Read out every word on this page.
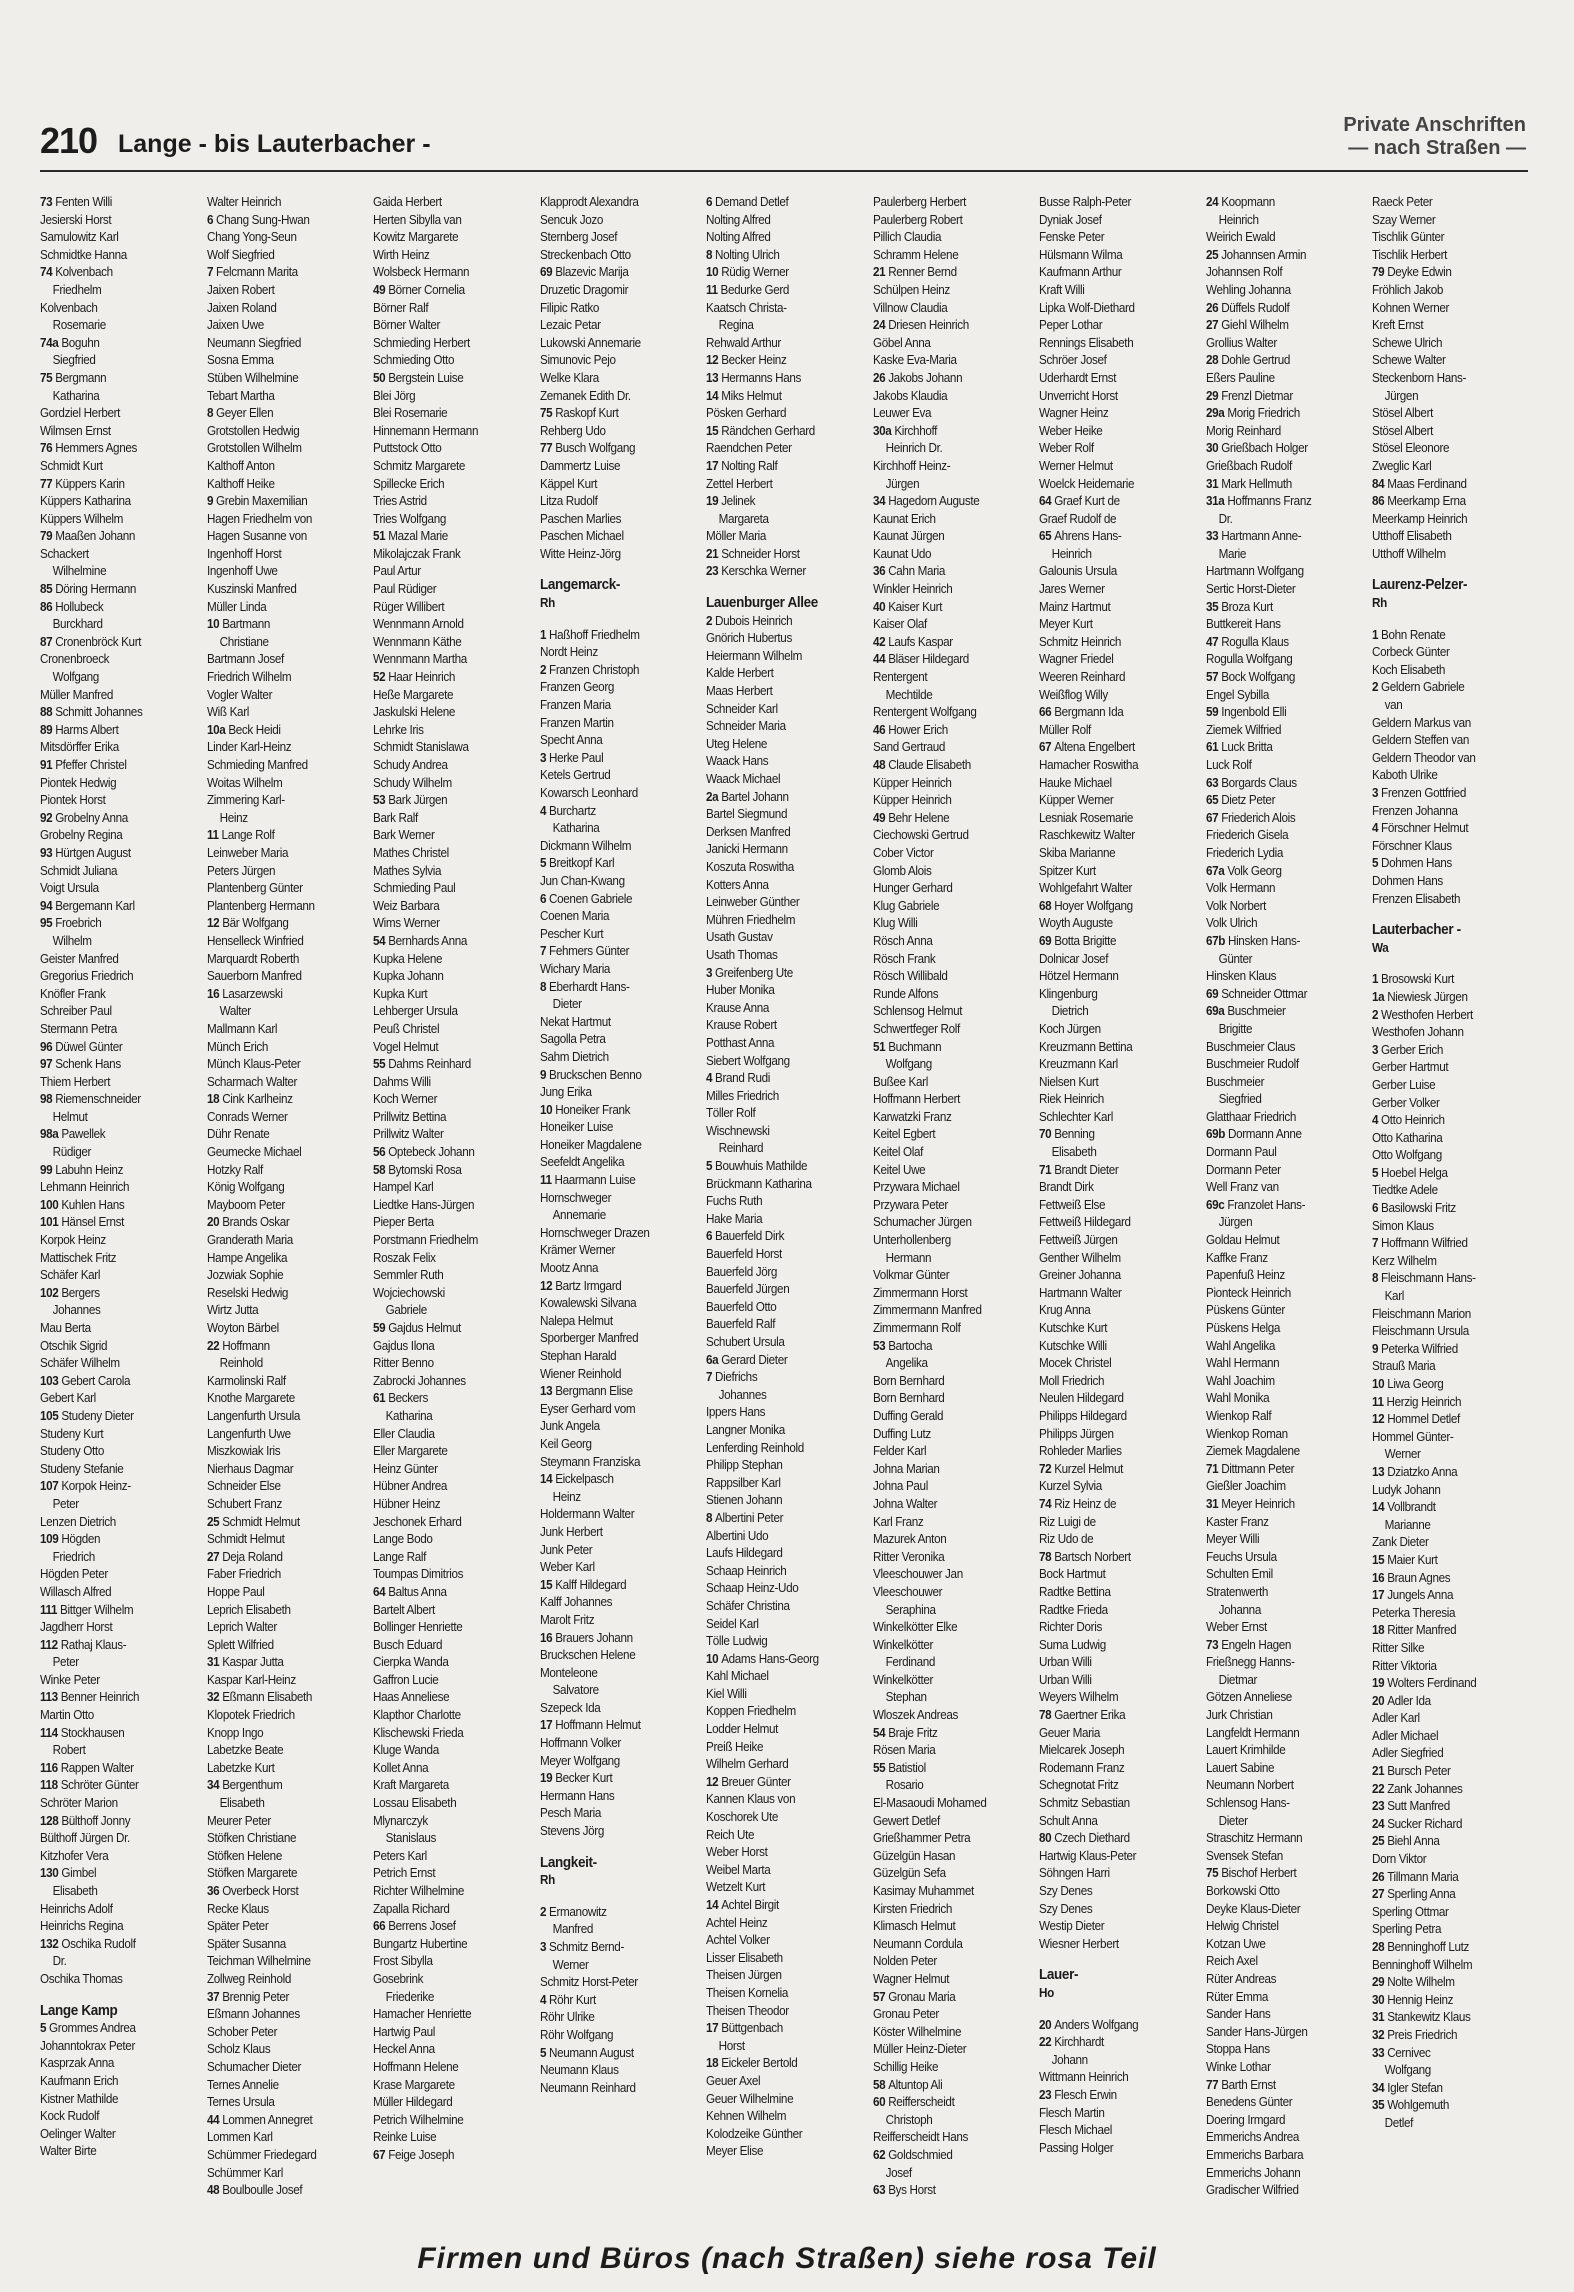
210 Lange - bis Lauterbacher -
Private Anschriften
— nach Straßen —
73 Fenten Willi
Jesierski Horst
Samulowitz Karl
Schmidtke Hanna
74 Kolvenbach
Friedhelm
Kolvenbach
Rosemarie
74a Boguhn
Siegfried
75 Bergmann
Katharina
Gordziel Herbert
Wilmsen Ernst
76 Hemmers Agnes
Schmidt Kurt
77 Küppers Karin
Küppers Katharina
Küppers Wilhelm
79 Maaßen Johann
Schackert
Wilhelmine
85 Döring Hermann
86 Hollubeck
Burckhard
87 Cronenbröck Kurt
Cronenbroeck
Wolfgang
Müller Manfred
88 Schmitt Johannes
89 Harms Albert
Mitsdörffer Erika
91 Pfeffer Christel
Piontek Hedwig
Piontek Horst
92 Grobelny Anna
Grobelny Regina
93 Hürtgen August
Schmidt Juliana
Voigt Ursula
94 Bergemann Karl
95 Froebrich
Wilhelm
Geister Manfred
Gregorius Friedrich
Knöfler Frank
Schreiber Paul
Stermann Petra
96 Düwel Günter
97 Schenk Hans
Thiem Herbert
98 Riemenschneider
Helmut
98a Pawellek
Rüdiger
99 Labuhn Heinz
Lehmann Heinrich
100 Kuhlen Hans
101 Hänsel Ernst
Korpok Heinz
Mattischek Fritz
Schäfer Karl
102 Bergers
Johannes
Mau Berta
Otschik Sigrid
Schäfer Wilhelm
103 Gebert Carola
Gebert Karl
105 Studeny Dieter
Studeny Kurt
Studeny Otto
Studeny Stefanie
107 Korpok Heinz-
Peter
Lenzen Dietrich
109 Högden
Friedrich
Högden Peter
Willasch Alfred
111 Bittger Wilhelm
Jagdherr Horst
112 Rathaj Klaus-
Peter
Winke Peter
113 Benner Heinrich
Martin Otto
114 Stockhausen
Robert
116 Rappen Walter
118 Schröter Günter
Schröter Marion
128 Bülthoff Jonny
Bülthoff Jürgen Dr.
Kitzhofer Vera
130 Gimbel
Elisabeth
Heinrichs Adolf
Heinrichs Regina
132 Oschika Rudolf
Dr.
Oschika Thomas
Lange Kamp
5 Grommes Andrea
Johanntokrax Peter
Kasprzak Anna
Kaufmann Erich
Kistner Mathilde
Kock Rudolf
Oelinger Walter
Walter Birte
Walter Heinrich
6 Chang Sung-Hwan
Chang Yong-Seun
Wolf Siegfried
7 Felcmann Marita
Jaixen Robert
Jaixen Roland
Jaixen Uwe
Neumann Siegfried
Sosna Emma
Stüben Wilhelmine
Tebart Martha
8 Geyer Ellen
Grotstollen Hedwig
Grotstollen Wilhelm
Kalthoff Anton
Kalthoff Heike
9 Grebin Maxemilian
Hagen Friedhelm von
Hagen Susanne von
Ingenhoff Horst
Ingenhoff Uwe
Kuszinski Manfred
Müller Linda
10 Bartmann
Christiane
Bartmann Josef
Friedrich Wilhelm
Vogler Walter
Wiß Karl
10a Beck Heidi
Linder Karl-Heinz
Schmieding Manfred
Woitas Wilhelm
Zimmering Karl-
Heinz
11 Lange Rolf
Leinweber Maria
Peters Jürgen
Plantenberg Günter
Plantenberg Hermann
12 Bär Wolfgang
Henselleck Winfried
Marquardt Roberth
Sauerborn Manfred
16 Lasarzewski
Walter
Mallmann Karl
Münch Erich
Münch Klaus-Peter
Scharmach Walter
18 Cink Karlheinz
Conrads Werner
Dühr Renate
Geumecke Michael
Hotzky Ralf
König Wolfgang
Mayboom Peter
20 Brands Oskar
Granderath Maria
Hampe Angelika
Jozwiak Sophie
Reselski Hedwig
Wirtz Jutta
Woyton Bärbel
22 Hoffmann
Reinhold
Karmolinski Ralf
Knothe Margarete
Langenfurth Ursula
Langenfurth Uwe
Miszkowiak Iris
Nierhaus Dagmar
Schneider Else
Schubert Franz
25 Schmidt Helmut
Schmidt Helmut
27 Deja Roland
Faber Friedrich
Hoppe Paul
Leprich Elisabeth
Leprich Walter
Splett Wilfried
31 Kaspar Jutta
Kaspar Karl-Heinz
32 Eßmann Elisabeth
Klopotek Friedrich
Knopp Ingo
Labetzke Beate
Labetzke Kurt
34 Bergenthum
Elisabeth
Meurer Peter
Stöfken Christiane
Stöfken Helene
Stöfken Margarete
36 Overbeck Horst
Recke Klaus
Später Peter
Später Susanna
Teichman Wilhelmine
Zollweg Reinhold
37 Brennig Peter
Eßmann Johannes
Schober Peter
Scholz Klaus
Schumacher Dieter
Ternes Annelie
Ternes Ursula
44 Lommen Annegret
Lommen Karl
Schümmer Friedegard
Schümmer Karl
48 Boulboulle Josef
Gaida Herbert
Herten Sibylla van
Kowitz Margarete
Wirth Heinz
Wolsbeck Hermann
49 Börner Cornelia
Börner Ralf
Börner Walter
Schmieding Herbert
Schmieding Otto
50 Bergstein Luise
Blei Jörg
Blei Rosemarie
Hinnemann Hermann
Puttstock Otto
Schmitz Margarete
Spillecke Erich
Tries Astrid
Tries Wolfgang
51 Mazal Marie
Mikolajczak Frank
Paul Artur
Paul Rüdiger
Rüger Willibert
Wennmann Arnold
Wennmann Käthe
Wennmann Martha
52 Haar Heinrich
Heße Margarete
Jaskulski Helene
Lehrke Iris
Schmidt Stanislawa
Schudy Andrea
Schudy Wilhelm
53 Bark Jürgen
Bark Ralf
Bark Werner
Mathes Christel
Mathes Sylvia
Schmieding Paul
Weiz Barbara
Wims Werner
54 Bernhards Anna
Kupka Helene
Kupka Johann
Kupka Kurt
Lehberger Ursula
Peuß Christel
Vogel Helmut
55 Dahms Reinhard
Dahms Willi
Koch Werner
Prillwitz Bettina
Prillwitz Walter
56 Optebeck Johann
58 Bytomski Rosa
Hampel Karl
Liedtke Hans-Jürgen
Pieper Berta
Porstmann Friedhelm
Roszak Felix
Semmler Ruth
Wojciechowski
Gabriele
59 Gajdus Helmut
Gajdus Ilona
Ritter Benno
Zabrocki Johannes
61 Beckers
Katharina
Eller Claudia
Eller Margarete
Heinz Günter
Hübner Andrea
Hübner Heinz
Jeschonek Erhard
Lange Bodo
Lange Ralf
Toumpas Dimitrios
64 Baltus Anna
Bartelt Albert
Bollinger Henriette
Busch Eduard
Cierpka Wanda
Gaffron Lucie
Haas Anneliese
Klapthor Charlotte
Klischewski Frieda
Kluge Wanda
Kollet Anna
Kraft Margareta
Lossau Elisabeth
Mlynarczyk
Stanislaus
Peters Karl
Petrich Ernst
Richter Wilhelmine
Zapalla Richard
66 Berrens Josef
Bungartz Hubertine
Frost Sibylla
Gosebrink
Friederike
Hamacher Henriette
Hartwig Paul
Heckel Anna
Hoffmann Helene
Krase Margarete
Müller Hildegard
Petrich Wilhelmine
Reinke Luise
67 Feige Joseph
Klapprodt Alexandra
Sencuk Jozo
Sternberg Josef
Streckenbach Otto
69 Blazevic Marija
Druzetic Dragomir
Filipic Ratko
Lezaic Petar
Lukowski Annemarie
Simunovic Pejo
Welke Klara
Zemanek Edith Dr.
75 Raskopf Kurt
Rehberg Udo
77 Busch Wolfgang
Dammertz Luise
Käppel Kurt
Litza Rudolf
Paschen Marlies
Paschen Michael
Witte Heinz-Jörg
Langemarck-
Rh
1 Haßhoff Friedhelm
Nordt Heinz
2 Franzen Christoph
Franzen Georg
Franzen Maria
Franzen Martin
Specht Anna
3 Herke Paul
Ketels Gertrud
Kowarsch Leonhard
4 Burchartz
Katharina
Dickmann Wilhelm
5 Breitkopf Karl
Jun Chan-Kwang
6 Coenen Gabriele
Coenen Maria
Pescher Kurt
7 Fehmers Günter
Wichary Maria
8 Eberhardt Hans-
Dieter
Nekat Hartmut
Sagolla Petra
Sahm Dietrich
9 Bruckschen Benno
Jung Erika
10 Honeiker Frank
Honeiker Luise
Honeiker Magdalene
Seefeldt Angelika
11 Haarmann Luise
Hornschweger
Annemarie
Hornschweger Drazen
Krämer Werner
Mootz Anna
12 Bartz Irmgard
Kowalewski Silvana
Nalepa Helmut
Sporberger Manfred
Stephan Harald
Wiener Reinhold
13 Bergmann Elise
Eyser Gerhard vom
Junk Angela
Keil Georg
Steymann Franziska
14 Eickelpasch
Heinz
Holdermann Walter
Junk Herbert
Junk Peter
Weber Karl
15 Kalff Hildegard
Kalff Johannes
Marolt Fritz
16 Brauers Johann
Bruckschen Helene
Monteleone
Salvatore
Szepeck Ida
17 Hoffmann Helmut
Hoffmann Volker
Meyer Wolfgang
19 Becker Kurt
Hermann Hans
Pesch Maria
Stevens Jörg
Langkeit-
Rh
2 Ermanowitz
Manfred
3 Schmitz Bernd-
Werner
Schmitz Horst-Peter
4 Röhr Kurt
Röhr Ulrike
Röhr Wolfgang
5 Neumann August
Neumann Klaus
Neumann Reinhard
6 Demand Detlef
Nolting Alfred
Nolting Alfred
8 Nolting Ulrich
10 Rüdig Werner
11 Bedurke Gerd
Kaatsch Christa-
Regina
Rehwald Arthur
12 Becker Heinz
13 Hermanns Hans
14 Miks Helmut
Pösken Gerhard
15 Rändchen Gerhard
Raendchen Peter
17 Nolting Ralf
Zettel Herbert
19 Jelinek
Margareta
Möller Maria
21 Schneider Horst
23 Kerschka Werner
Lauenburger Allee
2 Dubois Heinrich
Gnörich Hubertus
Heiermann Wilhelm
Kalde Herbert
Maas Herbert
Schneider Karl
Schneider Maria
Uteg Helene
Waack Hans
Waack Michael
2a Bartel Johann
Bartel Siegmund
Derksen Manfred
Janicki Hermann
Koszuta Roswitha
Kotters Anna
Leinweber Günther
Mühren Friedhelm
Usath Gustav
Usath Thomas
3 Greifenberg Ute
Huber Monika
Krause Anna
Krause Robert
Potthast Anna
Siebert Wolfgang
4 Brand Rudi
Milles Friedrich
Töller Rolf
Wischnewski
Reinhard
5 Bouwhuis Mathilde
Brückmann Katharina
Fuchs Ruth
Hake Maria
6 Bauerfeld Dirk
Bauerfeld Horst
Bauerfeld Jörg
Bauerfeld Jürgen
Bauerfeld Otto
Bauerfeld Ralf
Schubert Ursula
6a Gerard Dieter
7 Diefrichs
Johannes
Ippers Hans
Langner Monika
Lenferding Reinhold
Philipp Stephan
Rappsilber Karl
Stienen Johann
8 Albertini Peter
Albertini Udo
Laufs Hildegard
Schaap Heinrich
Schaap Heinz-Udo
Schäfer Christina
Seidel Karl
Tölle Ludwig
10 Adams Hans-Georg
Kahl Michael
Kiel Willi
Koppen Friedhelm
Lodder Helmut
Preiß Heike
Wilhelm Gerhard
12 Breuer Günter
Kannen Klaus von
Koschorek Ute
Reich Ute
Weber Horst
Weibel Marta
Wetzelt Kurt
14 Achtel Birgit
Achtel Heinz
Achtel Volker
Lisser Elisabeth
Theisen Jürgen
Theisen Kornelia
Theisen Theodor
17 Büttgenbach
Horst
18 Eickeler Bertold
Geuer Axel
Geuer Wilhelmine
Kehnen Wilhelm
Kolodzeike Günther
Meyer Elise
Paulerberg Herbert
Paulerberg Robert
Pillich Claudia
Schramm Helene
21 Renner Bernd
Schülpen Heinz
Villnow Claudia
24 Driesen Heinrich
Göbel Anna
Kaske Eva-Maria
26 Jakobs Johann
Jakobs Klaudia
Leuwer Eva
30a Kirchhoff
Heinrich Dr.
Kirchhoff Heinz-
Jürgen
34 Hagedorn Auguste
Kaunat Erich
Kaunat Jürgen
Kaunat Udo
36 Cahn Maria
Winkler Heinrich
40 Kaiser Kurt
Kaiser Olaf
42 Laufs Kaspar
44 Bläser Hildegard
Rentergent
Mechtilde
Rentergent Wolfgang
46 Hower Erich
Sand Gertraud
48 Claude Elisabeth
Küpper Heinrich
Küpper Heinrich
49 Behr Helene
Ciechowski Gertrud
Cober Victor
Glomb Alois
Hunger Gerhard
Klug Gabriele
Klug Willi
Rösch Anna
Rösch Frank
Rösch Willibald
Runde Alfons
Schlensog Helmut
Schwertfeger Rolf
51 Buchmann
Wolfgang
Bußee Karl
Hoffmann Herbert
Karwatzki Franz
Keitel Egbert
Keitel Olaf
Keitel Uwe
Przywara Michael
Przywara Peter
Schumacher Jürgen
Unterhollenberg
Hermann
Volkmar Günter
Zimmermann Horst
Zimmermann Manfred
Zimmermann Rolf
53 Bartocha
Angelika
Born Bernhard
Born Bernhard
Duffing Gerald
Duffing Lutz
Felder Karl
Johna Marian
Johna Paul
Johna Walter
Karl Franz
Mazurek Anton
Ritter Veronika
Vleeschouwer Jan
Vleeschouwer
Seraphina
Winkelkötter Elke
Winkelkötter
Ferdinand
Winkelkötter
Stephan
Wloszek Andreas
54 Braje Fritz
Rösen Maria
55 Batistiol
Rosario
El-Masaoudi Mohamed
Gewert Detlef
Grießhammer Petra
Güzelgün Hasan
Güzelgün Sefa
Kasimay Muhammet
Kirsten Friedrich
Klimasch Helmut
Neumann Cordula
Nolden Peter
Wagner Helmut
57 Gronau Maria
Gronau Peter
Köster Wilhelmine
Müller Heinz-Dieter
Schillig Heike
58 Altuntop Ali
60 Reifferscheidt
Christoph
Reifferscheidt Hans
62 Goldschmied
Josef
63 Bys Horst
Busse Ralph-Peter
Dyniak Josef
Fenske Peter
Hülsmann Wilma
Kaufmann Arthur
Kraft Willi
Lipka Wolf-Diethard
Peper Lothar
Rennings Elisabeth
Schröer Josef
Uderhardt Ernst
Unverricht Horst
Wagner Heinz
Weber Heike
Weber Rolf
Werner Helmut
Woelck Heidemarie
64 Graef Kurt de
Graef Rudolf de
65 Ahrens Hans-
Heinrich
Galounis Ursula
Jares Werner
Mainz Hartmut
Meyer Kurt
Schmitz Heinrich
Wagner Friedel
Weeren Reinhard
Weißflog Willy
66 Bergmann Ida
Müller Rolf
67 Altena Engelbert
Hamacher Roswitha
Hauke Michael
Küpper Werner
Lesniak Rosemarie
Raschkewitz Walter
Skiba Marianne
Spitzer Kurt
Wohlgefahrt Walter
68 Hoyer Wolfgang
Woyth Auguste
69 Botta Brigitte
Dolnicar Josef
Hötzel Hermann
Klingenburg
Dietrich
Koch Jürgen
Kreuzmann Bettina
Kreuzmann Karl
Nielsen Kurt
Riek Heinrich
Schlechter Karl
70 Benning
Elisabeth
71 Brandt Dieter
Brandt Dirk
Fettweiß Else
Fettweiß Hildegard
Fettweiß Jürgen
Genther Wilhelm
Greiner Johanna
Hartmann Walter
Krug Anna
Kutschke Kurt
Kutschke Willi
Mocek Christel
Moll Friedrich
Neulen Hildegard
Philipps Hildegard
Philipps Jürgen
Rohleder Marlies
72 Kurzel Helmut
Kurzel Sylvia
74 Riz Heinz de
Riz Luigi de
Riz Udo de
78 Bartsch Norbert
Bock Hartmut
Radtke Bettina
Radtke Frieda
Richter Doris
Suma Ludwig
Urban Willi
Urban Willi
Weyers Wilhelm
78 Gaertner Erika
Geuer Maria
Mielcarek Joseph
Rodemann Franz
Schegnotat Fritz
Schmitz Sebastian
Schult Anna
80 Czech Diethard
Hartwig Klaus-Peter
Söhngen Harri
Szy Denes
Szy Denes
Westip Dieter
Wiesner Herbert
Lauer-
Ho
20 Anders Wolfgang
22 Kirchhardt
Johann
Wittmann Heinrich
23 Flesch Erwin
Flesch Martin
Flesch Michael
Passing Holger
24 Koopmann
Heinrich
Weirich Ewald
25 Johannsen Armin
Johannsen Rolf
Wehling Johanna
26 Düffels Rudolf
27 Giehl Wilhelm
Grollius Walter
28 Dohle Gertrud
Eßers Pauline
29 Frenzl Dietmar
29a Morig Friedrich
Morig Reinhard
30 Grießbach Holger
Grießbach Rudolf
31 Mark Hellmuth
31a Hoffmanns Franz
Dr.
33 Hartmann Anne-
Marie
Hartmann Wolfgang
Sertic Horst-Dieter
35 Broza Kurt
Buttkereit Hans
47 Rogulla Klaus
Rogulla Wolfgang
57 Bock Wolfgang
Engel Sybilla
59 Ingenbold Elli
Ziemek Wilfried
61 Luck Britta
Luck Rolf
63 Borgards Claus
65 Dietz Peter
67 Friederich Alois
Friederich Gisela
Friederich Lydia
67a Volk Georg
Volk Hermann
Volk Norbert
Volk Ulrich
67b Hinsken Hans-
Günter
Hinsken Klaus
69 Schneider Ottmar
69a Buschmeier
Brigitte
Buschmeier Claus
Buschmeier Rudolf
Buschmeier
Siegfried
Glatthaar Friedrich
69b Dormann Anne
Dormann Paul
Dormann Peter
Well Franz van
69c Franzolet Hans-
Jürgen
Goldau Helmut
Kaffke Franz
Papenfuß Heinz
Pionteck Heinrich
Püskens Günter
Püskens Helga
Wahl Angelika
Wahl Hermann
Wahl Joachim
Wahl Monika
Wienkop Ralf
Wienkop Roman
Ziemek Magdalene
71 Dittmann Peter
Gießler Joachim
31 Meyer Heinrich
Kaster Franz
Meyer Willi
Feuchs Ursula
Schulten Emil
Stratenwerth
Johanna
Weber Ernst
73 Engeln Hagen
Frießnegg Hanns-
Dietmar
Götzen Anneliese
Jurk Christian
Langfeldt Hermann
Lauert Krimhilde
Lauert Sabine
Neumann Norbert
Schlensog Hans-
Dieter
Straschitz Hermann
Svensek Stefan
75 Bischof Herbert
Borkowski Otto
Deyke Klaus-Dieter
Helwig Christel
Kotzan Uwe
Reich Axel
Rüter Andreas
Rüter Emma
Sander Hans
Sander Hans-Jürgen
Stoppa Hans
Winke Lothar
77 Barth Ernst
Benedens Günter
Doering Irmgard
Emmerichs Andrea
Emmerichs Barbara
Emmerichs Johann
Gradischer Wilfried
Raeck Peter
Szay Werner
Tischlik Günter
Tischlik Herbert
79 Deyke Edwin
Fröhlich Jakob
Kohnen Werner
Kreft Ernst
Schewe Ulrich
Schewe Walter
Steckenborn Hans-
Jürgen
Stösel Albert
Stösel Albert
Stösel Eleonore
Zweglic Karl
84 Maas Ferdinand
86 Meerkamp Erna
Meerkamp Heinrich
Utthoff Elisabeth
Utthoff Wilhelm
Laurenz-Pelzer-
Rh
1 Bohn Renate
Corbeck Günter
Koch Elisabeth
2 Geldern Gabriele
van
Geldern Markus van
Geldern Steffen van
Geldern Theodor van
Kaboth Ulrike
3 Frenzen Gottfried
Frenzen Johanna
4 Förschner Helmut
Förschner Klaus
5 Dohmen Hans
Dohmen Hans
Frenzen Elisabeth
Lauterbacher -
Wa
1 Brosowski Kurt
1a Niewiesk Jürgen
2 Westhofen Herbert
Westhofen Johann
3 Gerber Erich
Gerber Hartmut
Gerber Luise
Gerber Volker
4 Otto Heinrich
Otto Katharina
Otto Wolfgang
5 Hoebel Helga
Tiedtke Adele
6 Basilowski Fritz
Simon Klaus
7 Hoffmann Wilfried
Kerz Wilhelm
8 Fleischmann Hans-
Karl
Fleischmann Marion
Fleischmann Ursula
9 Peterka Wilfried
Strauß Maria
10 Liwa Georg
11 Herzig Heinrich
12 Hommel Detlef
Hommel Günter-
Werner
13 Dziatzko Anna
Ludyk Johann
14 Vollbrandt
Marianne
Zank Dieter
15 Maier Kurt
16 Braun Agnes
17 Jungels Anna
Peterka Theresia
18 Ritter Manfred
Ritter Silke
Ritter Viktoria
19 Wolters Ferdinand
20 Adler Ida
Adler Karl
Adler Michael
Adler Siegfried
21 Bursch Peter
22 Zank Johannes
23 Sutt Manfred
24 Sucker Richard
25 Biehl Anna
Dorn Viktor
26 Tillmann Maria
27 Sperling Anna
Sperling Ottmar
Sperling Petra
28 Benninghoff Lutz
Benninghoff Wilhelm
29 Nolte Wilhelm
30 Hennig Heinz
31 Stankewitz Klaus
32 Preis Friedrich
33 Cernivec
Wolfgang
34 Igler Stefan
35 Wohlgemuth
Detlef
Firmen und Büros (nach Straßen) siehe rosa Teil
